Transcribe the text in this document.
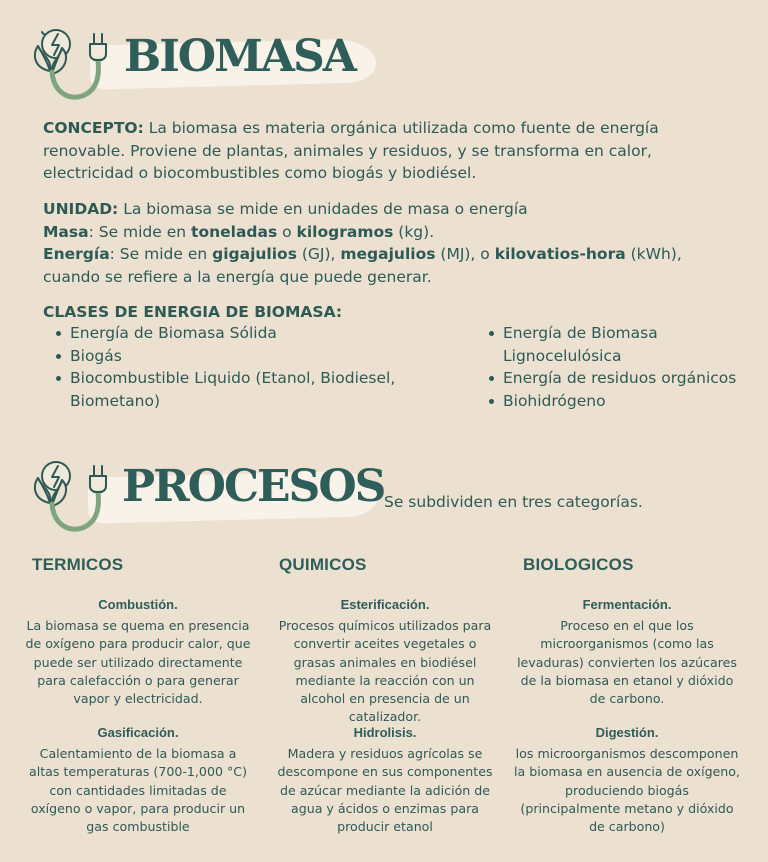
BIOMASA

CONCEPTO: La biomasa es materia orgánica utilizada como fuente de energía renovable. Proviene de plantas, animales y residuos, y se transforma en calor, electricidad o biocombustibles como biogás y biodiésel.

UNIDAD: La biomasa se mide en unidades de masa o energía
Masa: Se mide en toneladas o kilogramos (kg).
Energía: Se mide en gigajulios (GJ), megajulios (MJ), o kilovatios-hora (kWh), cuando se refiere a la energía que puede generar.

CLASES DE ENERGIA DE BIOMASA:

Energía de Biomasa Sólida
Biogás
Biocombustible Liquido (Etanol, Biodiesel, Biometano)
Energía de Biomasa Lignocelulósica
Energía de residuos orgánicos
Biohidrógeno
PROCESOS Se subdividen en tres categorías.

TERMICOS	QUIMICOS	BIOLOGICOS

Combustión.

La biomasa se quema en presencia de oxígeno para producir calor, que puede ser utilizado directamente para calefacción o para generar vapor y electricidad.

Gasificación.

Calentamiento de la biomasa a altas temperaturas (700-1,000 °C) con cantidades limitadas de oxígeno o vapor, para producir un gas combustible

Esterificación.

Procesos químicos utilizados para convertir aceites vegetales o grasas animales en biodiésel mediante la reacción con un alcohol en presencia de un catalizador.

Hidrolisis.

Madera y residuos agrícolas se descompone en sus componentes de azúcar mediante la adición de agua y ácidos o enzimas para producir etanol

Fermentación.

Proceso en el que los microorganismos (como las levaduras) convierten los azúcares de la biomasa en etanol y dióxido de carbono.

Digestión.

los microorganismos descomponen la biomasa en ausencia de oxígeno, produciendo biogás (principalmente metano y dióxido de carbono)
